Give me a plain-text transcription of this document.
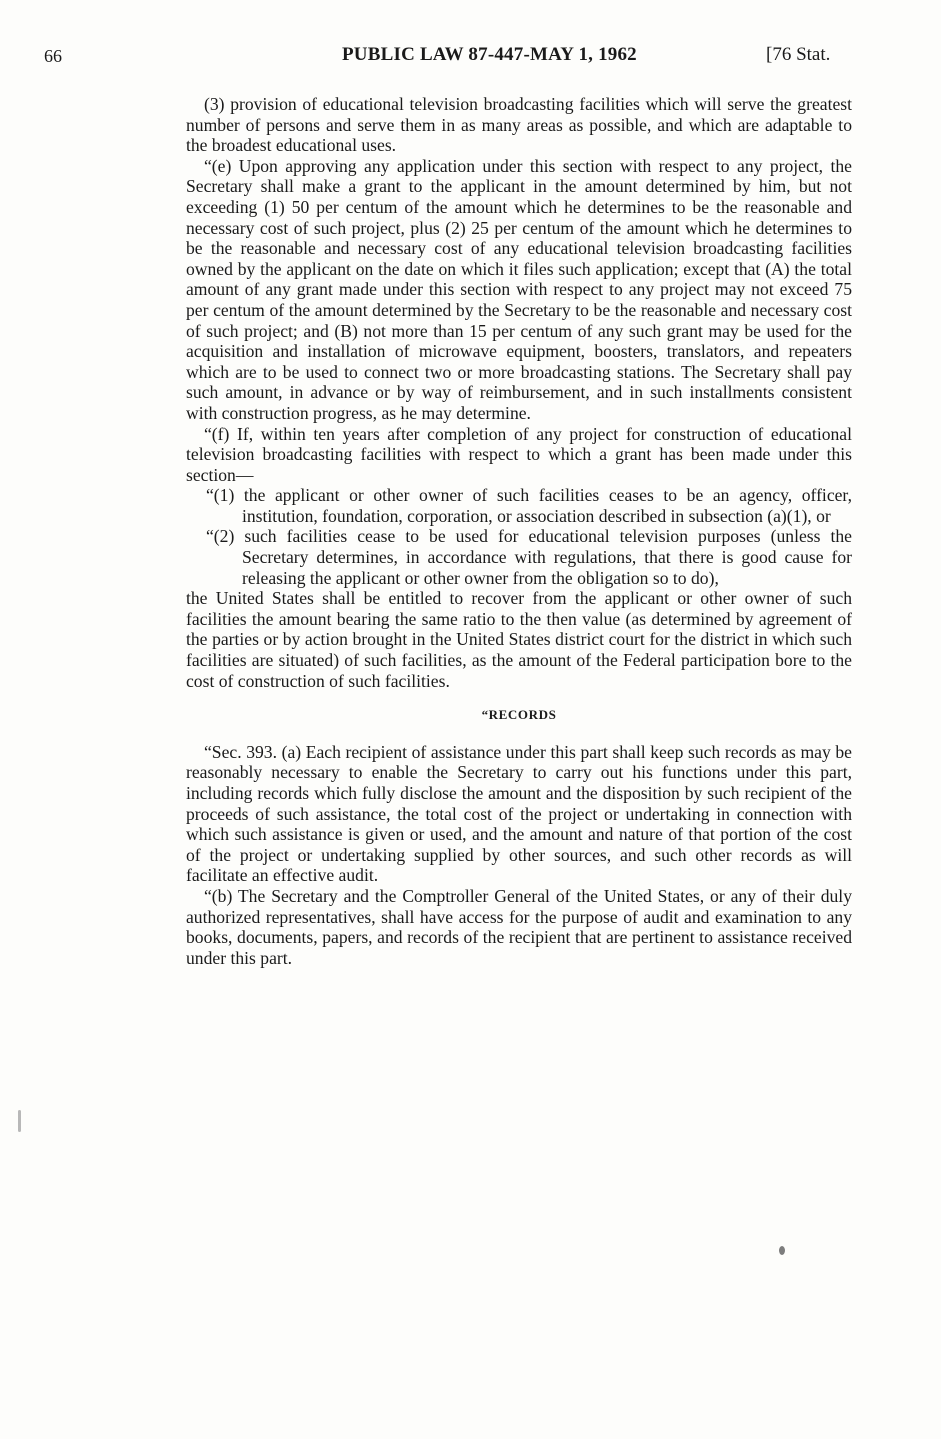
66	PUBLIC LAW 87-447-MAY 1, 1962	[76 Stat.

(3) provision of educational television broadcasting facilities which will serve the greatest number of persons and serve them in as many areas as possible, and which are adaptable to the broadest educational uses.

“(e) Upon approving any application under this section with respect to any project, the Secretary shall make a grant to the applicant in the amount determined by him, but not exceeding (1) 50 per centum of the amount which he determines to be the reasonable and necessary cost of such project, plus (2) 25 per centum of the amount which he determines to be the reasonable and necessary cost of any educational television broadcasting facilities owned by the applicant on the date on which it files such application; except that (A) the total amount of any grant made under this section with respect to any project may not exceed 75 per centum of the amount determined by the Secretary to be the reasonable and necessary cost of such project; and (B) not more than 15 per centum of any such grant may be used for the acquisition and installation of microwave equipment, boosters, translators, and repeaters which are to be used to connect two or more broadcasting stations. The Secretary shall pay such amount, in advance or by way of reimbursement, and in such installments consistent with construction progress, as he may determine.

“(f) If, within ten years after completion of any project for construction of educational television broadcasting facilities with respect to which a grant has been made under this section—

“(1) the applicant or other owner of such facilities ceases to be an agency, officer, institution, foundation, corporation, or association described in subsection (a)(1), or

“(2) such facilities cease to be used for educational television purposes (unless the Secretary determines, in accordance with regulations, that there is good cause for releasing the applicant or other owner from the obligation so to do),

the United States shall be entitled to recover from the applicant or other owner of such facilities the amount bearing the same ratio to the then value (as determined by agreement of the parties or by action brought in the United States district court for the district in which such facilities are situated) of such facilities, as the amount of the Federal participation bore to the cost of construction of such facilities.

“RECORDS

“Sec. 393. (a) Each recipient of assistance under this part shall keep such records as may be reasonably necessary to enable the Secretary to carry out his functions under this part, including records which fully disclose the amount and the disposition by such recipient of the proceeds of such assistance, the total cost of the project or undertaking in connection with which such assistance is given or used, and the amount and nature of that portion of the cost of the project or undertaking supplied by other sources, and such other records as will facilitate an effective audit.

“(b) The Secretary and the Comptroller General of the United States, or any of their duly authorized representatives, shall have access for the purpose of audit and examination to any books, documents, papers, and records of the recipient that are pertinent to assistance received under this part.
